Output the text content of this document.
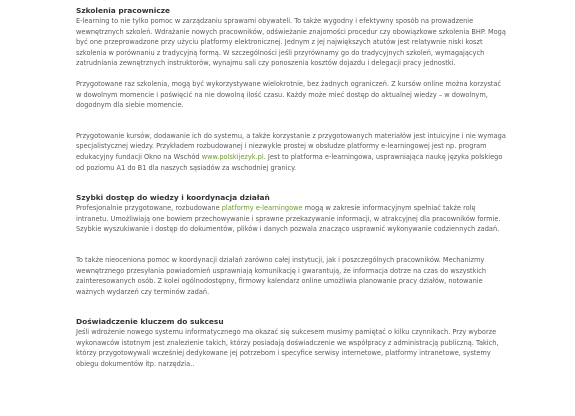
Szkolenia pracownicze

E-learning to nie tylko pomoc w zarządzaniu sprawami obywateli. To także wygodny i efektywny sposób na prowadzenie wewnętrznych szkoleń. Wdrażanie nowych pracowników, odświeżanie znajomości procedur czy obowiązkowe szkolenia BHP. Mogą być one przeprowadzone przy użyciu platformy elektronicznej. Jednym z jej największych atutów jest relatywnie niski koszt szkolenia w porównaniu z tradycyjną formą. W szczególności jeśli przyrównamy go do tradycyjnych szkoleń, wymagających zatrudniania zewnętrznych instruktorów, wynajmu sali czy ponoszenia kosztów dojazdu i delegacji pracy jednostki.

Przygotowane raz szkolenia, mogą być wykorzystywane wielokrotnie, bez żadnych ograniczeń. Z kursów online można korzystać w dowolnym momencie i poświęcić na nie dowolną ilość czasu. Każdy może mieć dostęp do aktualnej wiedzy – w dowolnym, dogodnym dla siebie momencie.

Przygotowanie kursów, dodawanie ich do systemu, a także korzystanie z przygotowanych materiałów jest intuicyjne i nie wymaga specjalistycznej wiedzy. Przykładem rozbudowanej i niezwykle prostej w obsłudze platformy e-learningowej jest np. program edukacyjny fundacji Okno na Wschód www.polskijezyk.pl. Jest to platforma e-learningowa, usprawniająca naukę języka polskiego od poziomu A1 do B1 dla naszych sąsiadów za wschodniej granicy.

Szybki dostęp do wiedzy i koordynacja działań

Profesjonalnie przygotowane, rozbudowane platformy e-learningowe mogą w zakresie informacyjnym spełniać także rolę intranetu. Umożliwiają one bowiem przechowywanie i sprawne przekazywanie informacji, w atrakcyjnej dla pracowników formie. Szybkie wyszukiwanie i dostęp do dokumentów, plików i danych pozwala znacząco usprawnić wykonywanie codziennych zadań.

To także nieoceniona pomoc w koordynacji działań zarówno całej instytucji, jak i poszczególnych pracowników. Mechanizmy wewnętrznego przesyłania powiadomień usprawniają komunikację i gwarantują, że informacja dotrze na czas do wszystkich zainteresowanych osób. Z kolei ogólnodostępny, firmowy kalendarz online umożliwia planowanie pracy działów, notowanie ważnych wydarzeń czy terminów zadań.

Doświadczenie kluczem do sukcesu

Jeśli wdrożenie nowego systemu informatycznego ma okazać się sukcesem musimy pamiętać o kilku czynnikach. Przy wyborze wykonawców istotnym jest znalezienie takich, którzy posiadają doświadczenie we współpracy z administracją publiczną. Takich, którzy przygotowywali wcześniej dedykowane jej potrzebom i specyfice serwisy internetowe, platformy intranetowe, systemy obiegu dokumentów itp. narzędzia..
